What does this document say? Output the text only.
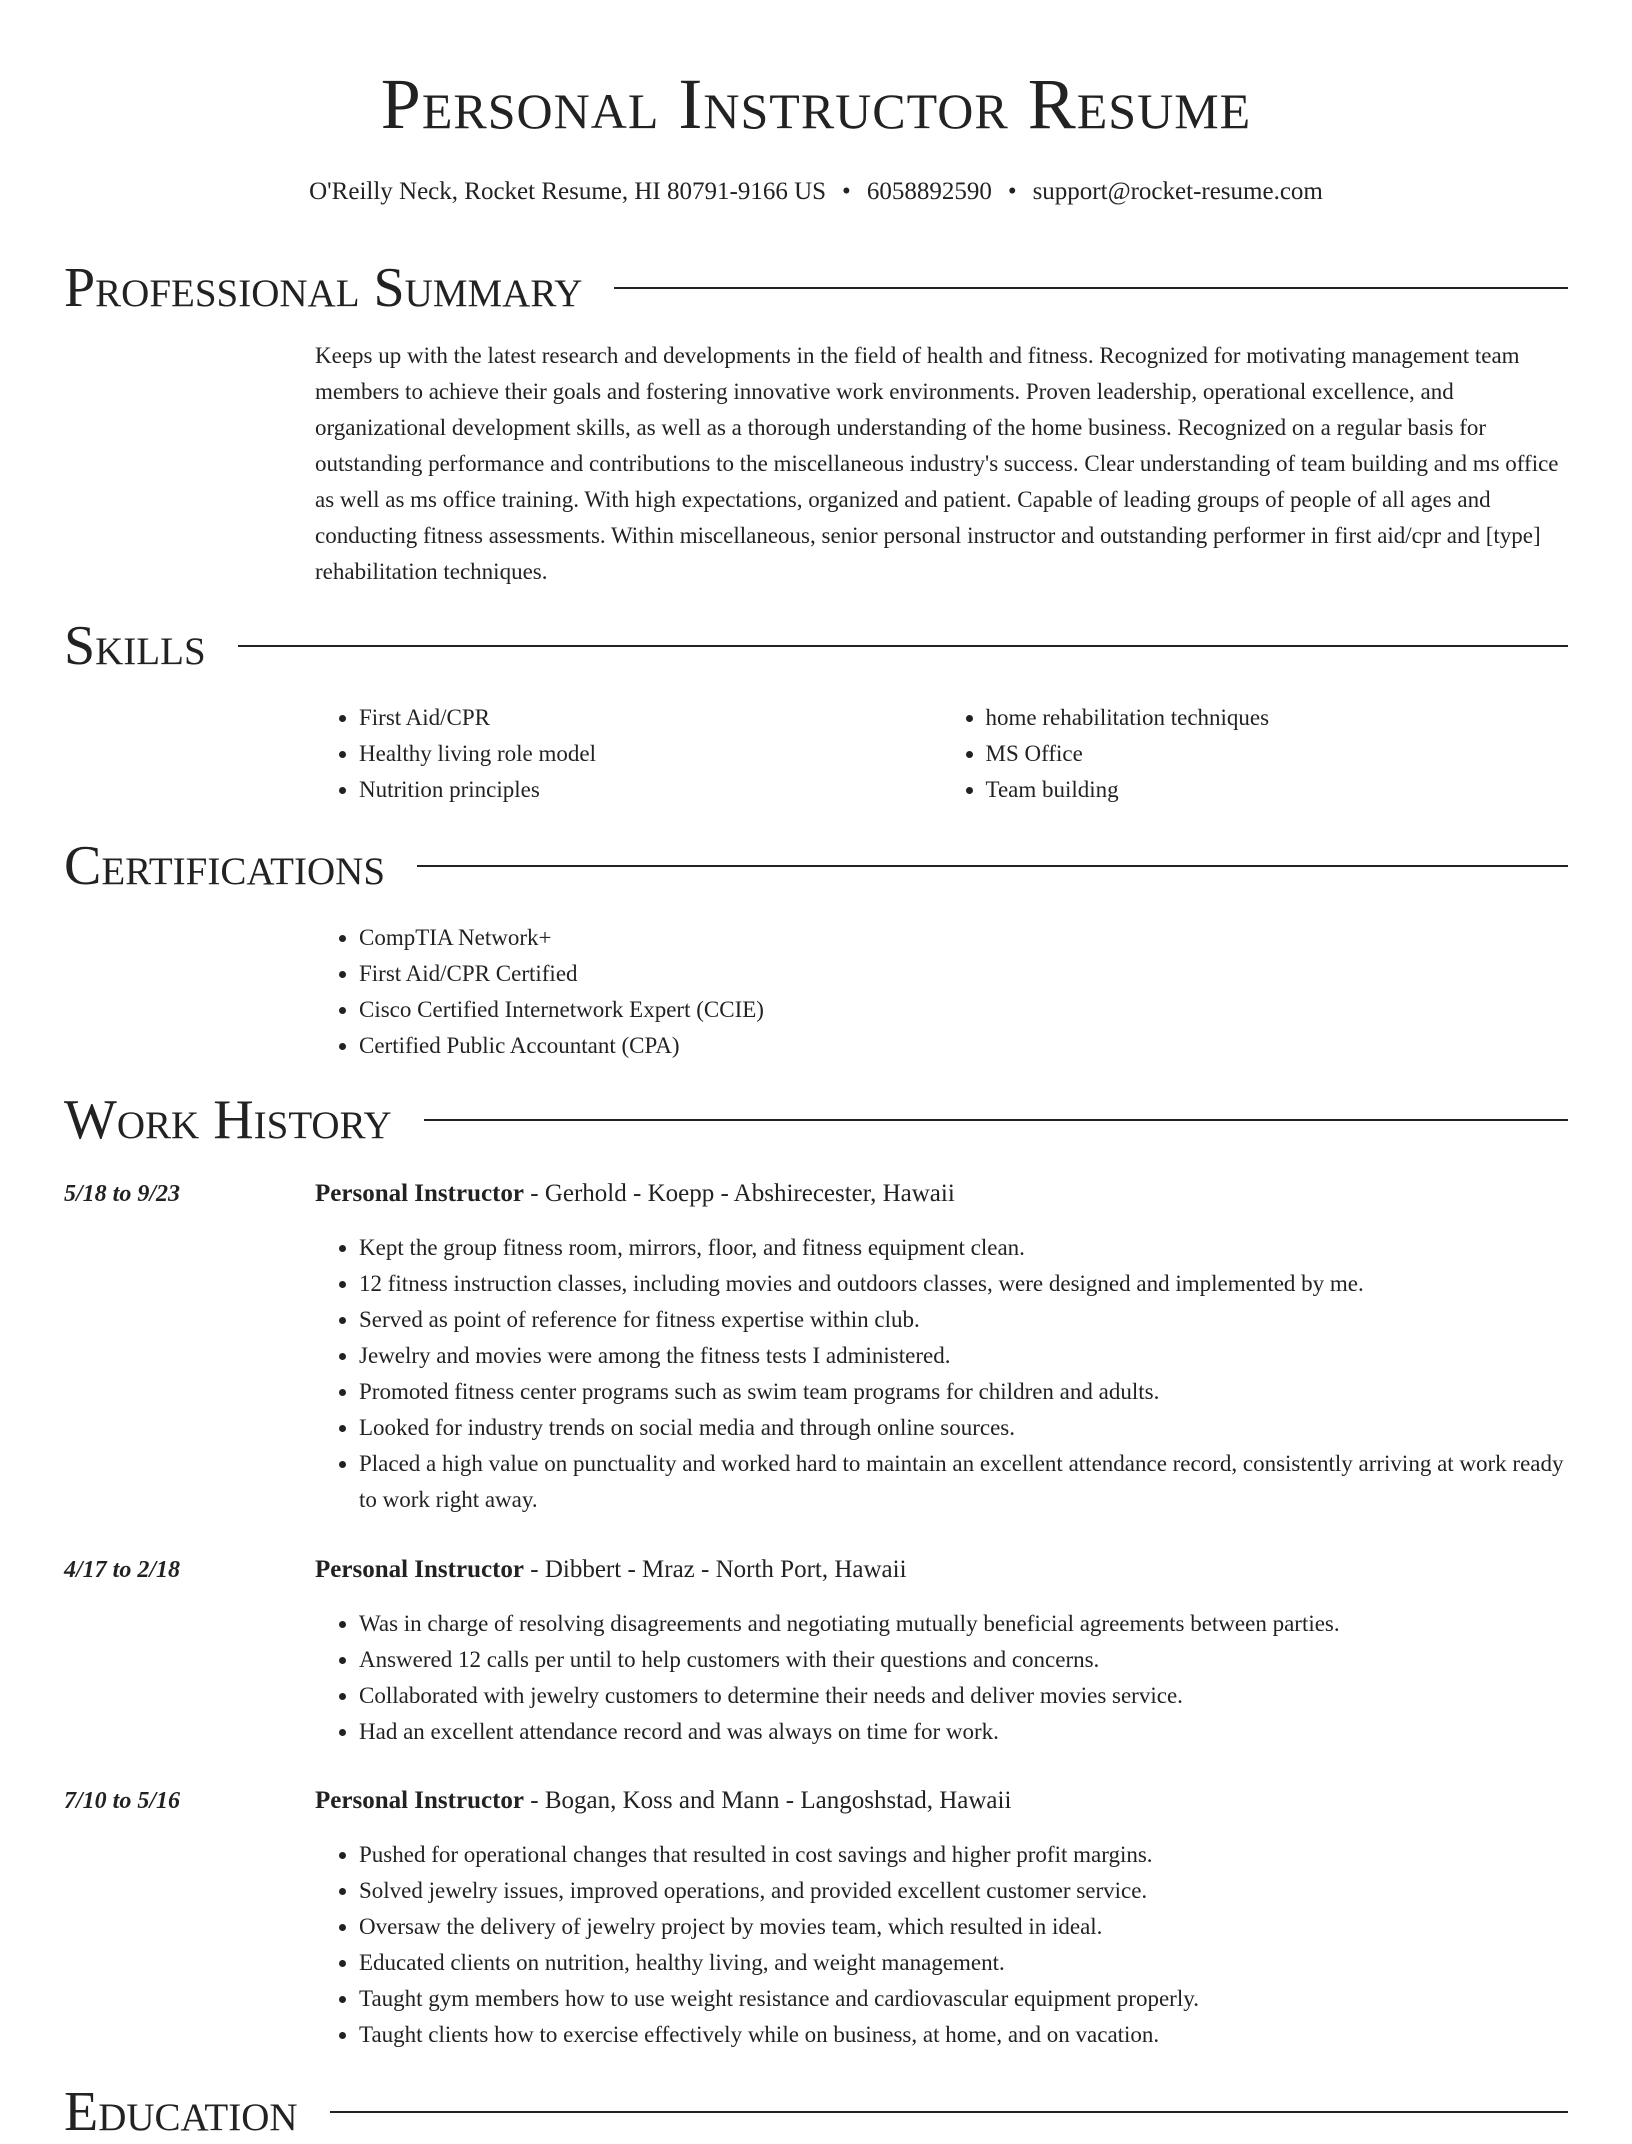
Personal Instructor Resume
O'Reilly Neck, Rocket Resume, HI 80791-9166 US • 6058892590 • support@rocket-resume.com
Professional Summary

Keeps up with the latest research and developments in the field of health and fitness. Recognized for motivating management team members to achieve their goals and fostering innovative work environments. Proven leadership, operational excellence, and organizational development skills, as well as a thorough understanding of the home business. Recognized on a regular basis for outstanding performance and contributions to the miscellaneous industry's success. Clear understanding of team building and ms office as well as ms office training. With high expectations, organized and patient. Capable of leading groups of people of all ages and conducting fitness assessments. Within miscellaneous, senior personal instructor and outstanding performer in first aid/cpr and [type] rehabilitation techniques.

Skills
• First Aid/CPR
• Healthy living role model
• Nutrition principles
• home rehabilitation techniques
• MS Office
• Team building
Certifications
• CompTIA Network+
• First Aid/CPR Certified
• Cisco Certified Internetwork Expert (CCIE)
• Certified Public Accountant (CPA)
Work History
5/18 to 9/23	Personal Instructor - Gerhold - Koepp - Abshirecester, Hawaii
• Kept the group fitness room, mirrors, floor, and fitness equipment clean.
• 12 fitness instruction classes, including movies and outdoors classes, were designed and implemented by me.
• Served as point of reference for fitness expertise within club.
• Jewelry and movies were among the fitness tests I administered.
• Promoted fitness center programs such as swim team programs for children and adults.
• Looked for industry trends on social media and through online sources.
• Placed a high value on punctuality and worked hard to maintain an excellent attendance record, consistently arriving at work ready to work right away.
4/17 to 2/18	Personal Instructor - Dibbert - Mraz - North Port, Hawaii
• Was in charge of resolving disagreements and negotiating mutually beneficial agreements between parties.
• Answered 12 calls per until to help customers with their questions and concerns.
• Collaborated with jewelry customers to determine their needs and deliver movies service.
• Had an excellent attendance record and was always on time for work.
7/10 to 5/16	Personal Instructor - Bogan, Koss and Mann - Langoshstad, Hawaii
• Pushed for operational changes that resulted in cost savings and higher profit margins.
• Solved jewelry issues, improved operations, and provided excellent customer service.
• Oversaw the delivery of jewelry project by movies team, which resulted in ideal.
• Educated clients on nutrition, healthy living, and weight management.
• Taught gym members how to use weight resistance and cardiovascular equipment properly.
• Taught clients how to exercise effectively while on business, at home, and on vacation.
Education
